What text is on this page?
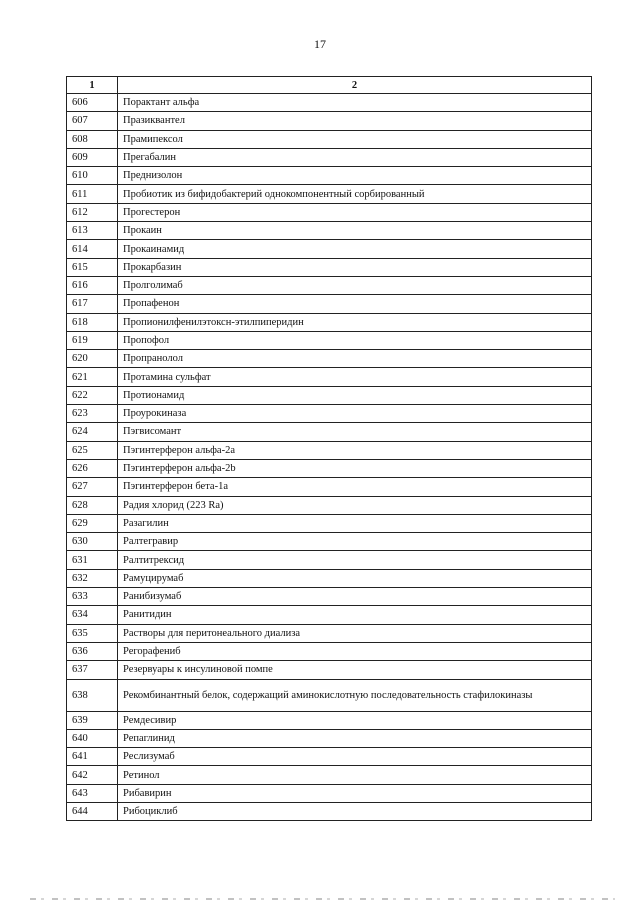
17
1	2
606	Порактант альфа
607	Празиквантел
608	Прамипексол
609	Прегабалин
610	Преднизолон
611	Пробиотик из бифидобактерий однокомпонентный сорбированный
612	Прогестерон
613	Прокаин
614	Прокаинамид
615	Прокарбазин
616	Пролголимаб
617	Пропафенон
618	Пропионилфенилэтоксн-этилпиперидин
619	Пропофол
620	Пропранолол
621	Протамина сульфат
622	Протионамид
623	Проурокиназа
624	Пэгвисомант
625	Пэгинтерферон альфа-2a
626	Пэгинтерферон альфа-2b
627	Пэгинтерферон бета-1a
628	Радия хлорид (223 Ra)
629	Разагилин
630	Ралтегравир
631	Ралтитрексид
632	Рамуцирумаб
633	Ранибизумаб
634	Ранитидин
635	Растворы для перитонеального диализа
636	Регорафениб
637	Резервуары к инсулиновой помпе
638	Рекомбинантный белок, содержащий аминокислотную последовательность стафилокиназы
639	Ремдесивир
640	Репаглинид
641	Реслизумаб
642	Ретинол
643	Рибавирин
644	Рибоциклиб
